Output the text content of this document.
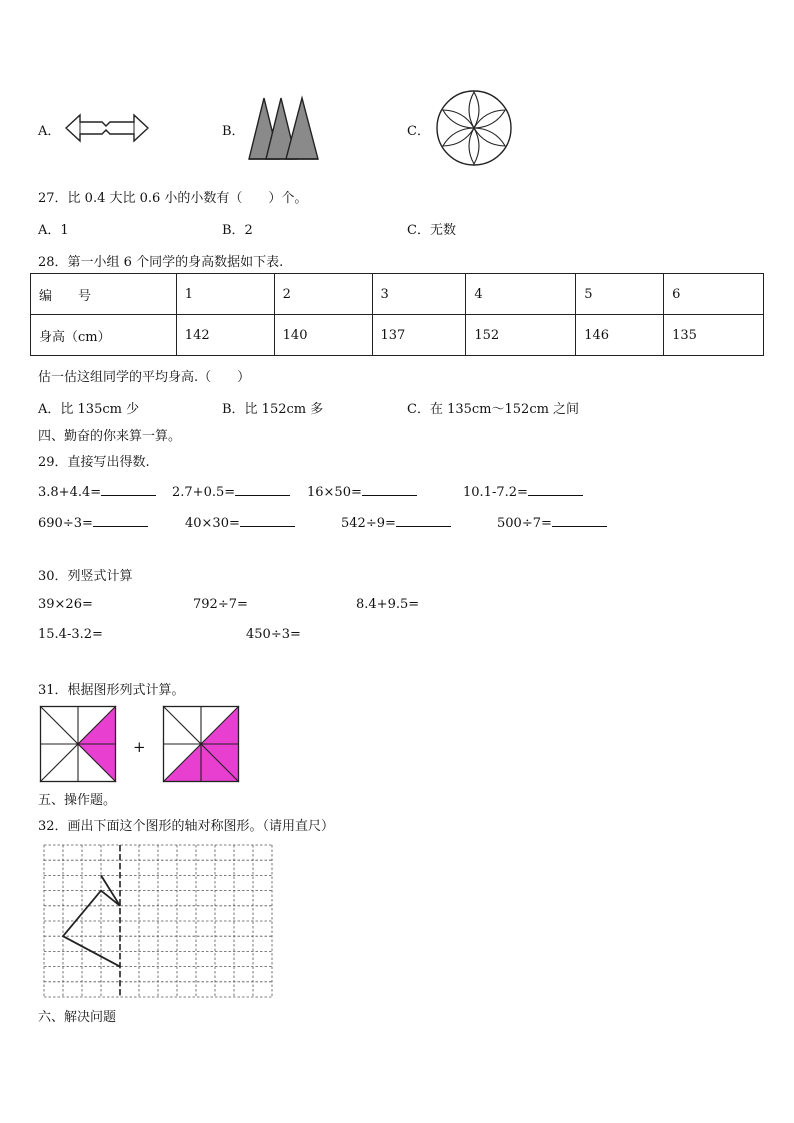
A．	B．	C．
27．比 0.4 大比 0.6 小的小数有（　　）个。
A．1	B．2	C．无数
28．第一小组 6 个同学的身高数据如下表.
编　　号	1	2	3	4	5	6
身高（cm）	142	140	137	152	146	135
估一估这组同学的平均身高.（　　）
A．比 135cm 少	B．比 152cm 多	C．在 135cm～152cm 之间
四、勤奋的你来算一算。
29．直接写出得数.
3.8+4.4=	2.7+0.5=	16×50=	10.1-7.2=
690÷3=	40×30=	542÷9=	500÷7=
30．列竖式计算
39×26=	792÷7=	8.4+9.5=
15.4-3.2=	450÷3=
31．根据图形列式计算。
+
五、操作题。
32．画出下面这个图形的轴对称图形。（请用直尺）
六、解决问题
